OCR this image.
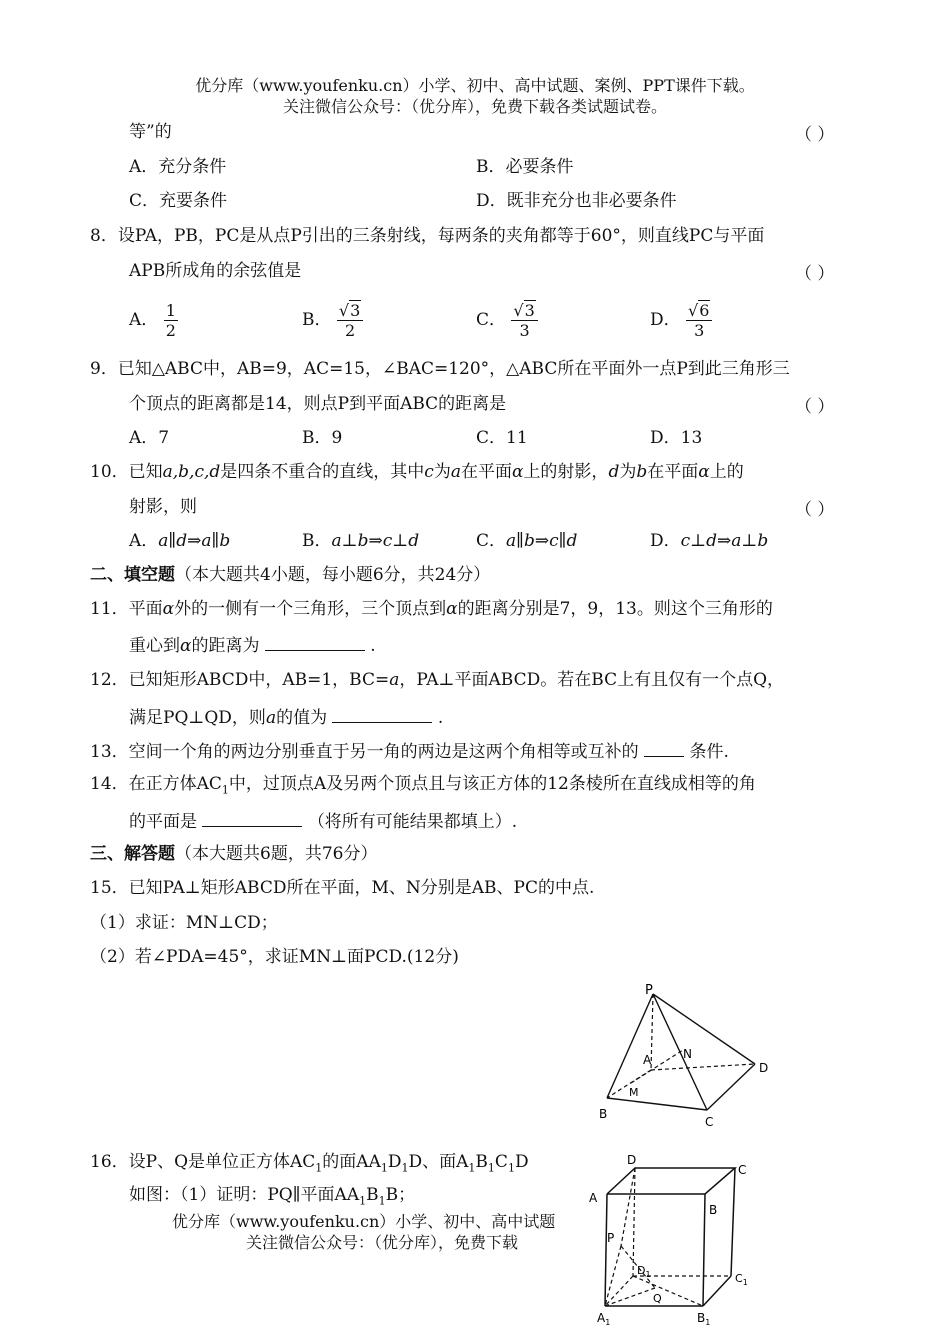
优分库（www.youfenku.cn）小学、初中、高中试题、案例、PPT课件下载。
关注微信公众号：（优分库），免费下载各类试题试卷。
等”的	（ ）
A．充分条件	B．必要条件
C．充要条件	D．既非充分也非必要条件
8．设PA，PB，PC是从点P引出的三条射线，每两条的夹角都等于60°，则直线PC与平面
APB所成角的余弦值是	（ ）
A． $\frac{1}{2}$	B． $\frac{√3}{2}$	C． $\frac{√3}{3}$	D． $\frac{√6}{3}$
9．已知△ABC中，AB=9，AC=15，∠BAC=120°，△ABC所在平面外一点P到此三角形三
个顶点的距离都是14，则点P到平面ABC的距离是	（ ）
A．7	B．9	C．11	D．13
10．已知a,b,c,d是四条不重合的直线，其中c为a在平面α上的射影，d为b在平面α上的
射影，则	（ ）
A．a∥d⇒a∥b	B．a⊥b⇒c⊥d	C．a∥b⇒c∥d	D．c⊥d⇒a⊥b
二、填空题（本大题共4小题，每小题6分，共24分）
11．平面α外的一侧有一个三角形，三个顶点到α的距离分别是7，9，13。则这个三角形的
重心到α的距离为	.
12．已知矩形ABCD中，AB=1，BC=a，PA⊥平面ABCD。若在BC上有且仅有一个点Q，
满足PQ⊥QD，则a的值为	.
13．空间一个角的两边分别垂直于另一角的两边是这两个角相等或互补的	条件.
14．在正方体$AC_1$中，过顶点A及另两个顶点且与该正方体的12条棱所在直线成相等的角
的平面是	（将所有可能结果都填上）.
三、解答题（本大题共6题，共76分）
15．已知PA⊥矩形ABCD所在平面，M、N分别是AB、PC的中点.
（1）求证：MN⊥CD；
（2）若∠PDA=45°，求证MN⊥面PCD.(12分)
P
A	N
D
M
B
C
16．设P、Q是单位正方体$AC_1$的面$AA_1D_1D$、面$A_1B_1C_1D$
如图：（1）证明：PQ∥平面$AA_1B_1B$；
优分库（www.youfenku.cn）小学、初中、高中试题
关注微信公众号：（优分库），免费下载
D
C
A
B
P
$D_1$	$C_1$
Q
$A_1$	$B_1$
